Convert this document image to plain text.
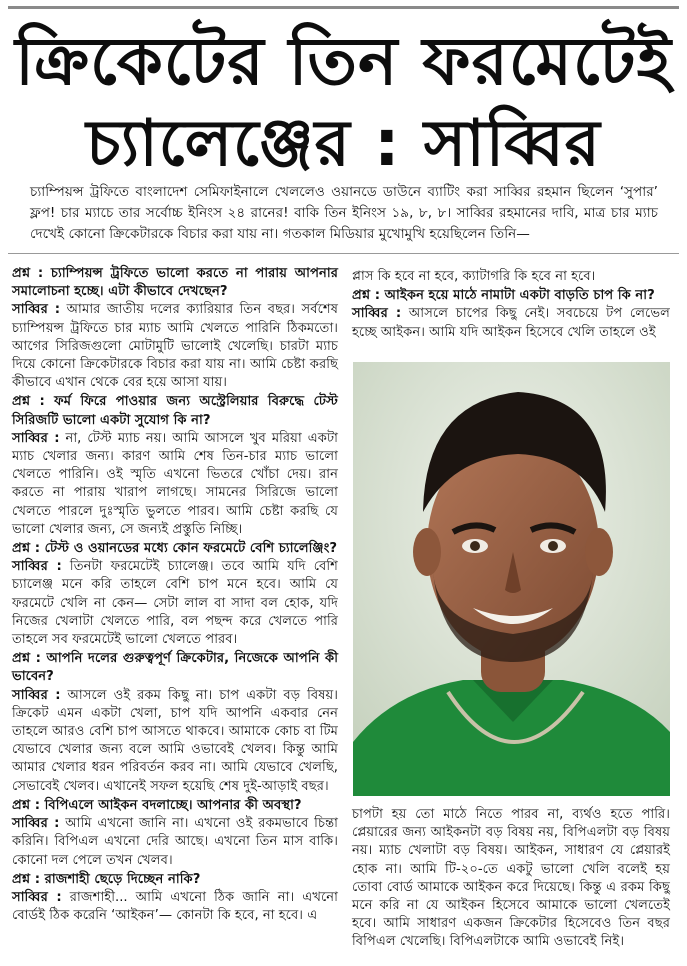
ক্রিকেটের তিন ফরমেটেই
চ্যালেঞ্জের : সাব্বির

চ্যাম্পিয়ন্স ট্রফিতে বাংলাদেশ সেমিফাইনালে খেললেও ওয়ানডে ডাউনে ব্যাটিং করা সাব্বির রহমান ছিলেন ‘সুপার’ ফ্লপ! চার ম্যাচে তার সর্বোচ্চ ইনিংস ২৪ রানের! বাকি তিন ইনিংস ১৯, ৮, ৮। সাব্বির রহমানের দাবি, মাত্র চার ম্যাচ দেখেই কোনো ক্রিকেটারকে বিচার করা যায় না। গতকাল মিডিয়ার মুখোমুখি হয়েছিলেন তিনি—

প্রশ্ন : চ্যাম্পিয়ন্স ট্রফিতে ভালো করতে না পারায় আপনার সমালোচনা হচ্ছে। এটা কীভাবে দেখছেন?

সাব্বির : আমার জাতীয় দলের ক্যারিয়ার তিন বছর। সর্বশেষ চ্যাম্পিয়ন্স ট্রফিতে চার ম্যাচ আমি খেলতে পারিনি ঠিকমতো। আগের সিরিজগুলো মোটামুটি ভালোই খেলেছি। চারটা ম্যাচ দিয়ে কোনো ক্রিকেটারকে বিচার করা যায় না। আমি চেষ্টা করছি কীভাবে এখান থেকে বের হয়ে আসা যায়।

প্রশ্ন : ফর্ম ফিরে পাওয়ার জন্য অস্ট্রেলিয়ার বিরুদ্ধে টেস্ট সিরিজটি ভালো একটা সুযোগ কি না?

সাব্বির : না, টেস্ট ম্যাচ নয়। আমি আসলে খুব মরিয়া একটা ম্যাচ খেলার জন্য। কারণ আমি শেষ তিন-চার ম্যাচ ভালো খেলতে পারিনি। ওই স্মৃতি এখনো ভিতরে খোঁচা দেয়। রান করতে না পারায় খারাপ লাগছে। সামনের সিরিজে ভালো খেলতে পারলে দুঃস্মৃতি ভুলতে পারব। আমি চেষ্টা করছি যে ভালো খেলার জন্য, সে জন্যই প্রস্তুতি নিচ্ছি।

প্রশ্ন : টেস্ট ও ওয়ানডের মধ্যে কোন ফরমেটে বেশি চ্যালেঞ্জিং?

সাব্বির : তিনটা ফরমেটেই চ্যালেঞ্জ। তবে আমি যদি বেশি চ্যালেঞ্জ মনে করি তাহলে বেশি চাপ মনে হবে। আমি যে ফরমেটে খেলি না কেন— সেটা লাল বা সাদা বল হোক, যদি নিজের খেলাটা খেলতে পারি, বল পছন্দ করে খেলতে পারি তাহলে সব ফরমেটেই ভালো খেলতে পারব।

প্রশ্ন : আপনি দলের গুরুত্বপূর্ণ ক্রিকেটার, নিজেকে আপনি কী ভাবেন?

সাব্বির : আসলে ওই রকম কিছু না। চাপ একটা বড় বিষয়। ক্রিকেট এমন একটা খেলা, চাপ যদি আপনি একবার নেন তাহলে আরও বেশি চাপ আসতে থাকবে। আমাকে কোচ বা টিম যেভাবে খেলার জন্য বলে আমি ওভাবেই খেলব। কিন্তু আমি আমার খেলার ধরন পরিবর্তন করব না। আমি যেভাবে খেলছি, সেভাবেই খেলব। এখানেই সফল হয়েছি শেষ দুই-আড়াই বছর।

প্রশ্ন : বিপিএলে আইকন বদলাচ্ছে। আপনার কী অবস্থা?

সাব্বির : আমি এখনো জানি না। এখনো ওই রকমভাবে চিন্তা করিনি। বিপিএল এখনো দেরি আছে। এখনো তিন মাস বাকি। কোনো দল পেলে তখন খেলব।

প্রশ্ন : রাজশাহী ছেড়ে দিচ্ছেন নাকি?

সাব্বির : রাজশাহী... আমি এখনো ঠিক জানি না। এখনো বোর্ডই ঠিক করেনি ‘আইকন’— কোনটা কি হবে, না হবে। এ

প্লাস কি হবে না হবে, ক্যাটাগরি কি হবে না হবে।

প্রশ্ন : আইকন হয়ে মাঠে নামাটা একটা বাড়তি চাপ কি না?

সাব্বির : আসলে চাপের কিছু নেই। সবচেয়ে টপ লেভেল হচ্ছে আইকন। আমি যদি আইকন হিসেবে খেলি তাহলে ওই

চাপটা হয় তো মাঠে নিতে পারব না, ব্যর্থও হতে পারি। প্লেয়ারের জন্য আইকনটা বড় বিষয় নয়, বিপিএলটা বড় বিষয় নয়। ম্যাচ খেলাটা বড় বিষয়। আইকন, সাধারণ যে প্লেয়ারই হোক না। আমি টি-২০-তে একটু ভালো খেলি বলেই হয় তোবা বোর্ড আমাকে আইকন করে দিয়েছে। কিন্তু এ রকম কিছু মনে করি না যে আইকন হিসেবে আমাকে ভালো খেলতেই হবে। আমি সাধারণ একজন ক্রিকেটার হিসেবেও তিন বছর বিপিএল খেলেছি। বিপিএলটাকে আমি ওভাবেই নিই।
